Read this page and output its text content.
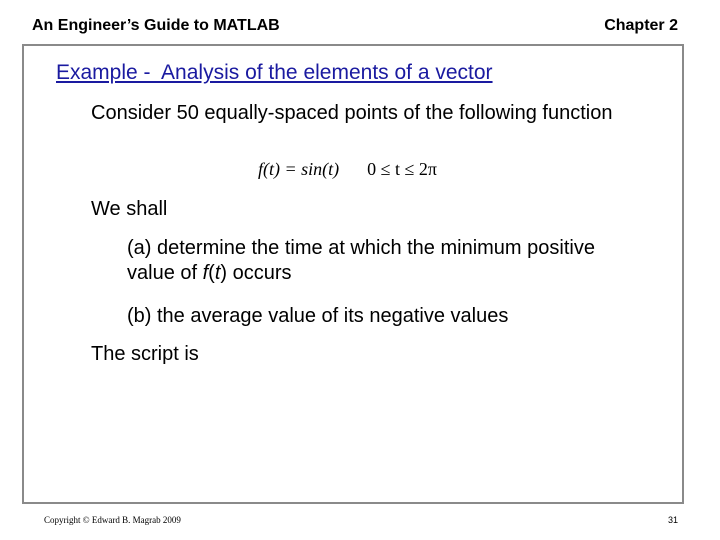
An Engineer’s Guide to MATLAB	Chapter 2
Example -  Analysis of the elements of a vector
Consider 50 equally-spaced points of the following function
f(t) = sin(t) 0 ≤ t ≤ 2π
We shall
(a) determine the time at which the minimum positive value of f(t) occurs
(b) the average value of its negative values
The script is
Copyright © Edward B. Magrab 2009	31
